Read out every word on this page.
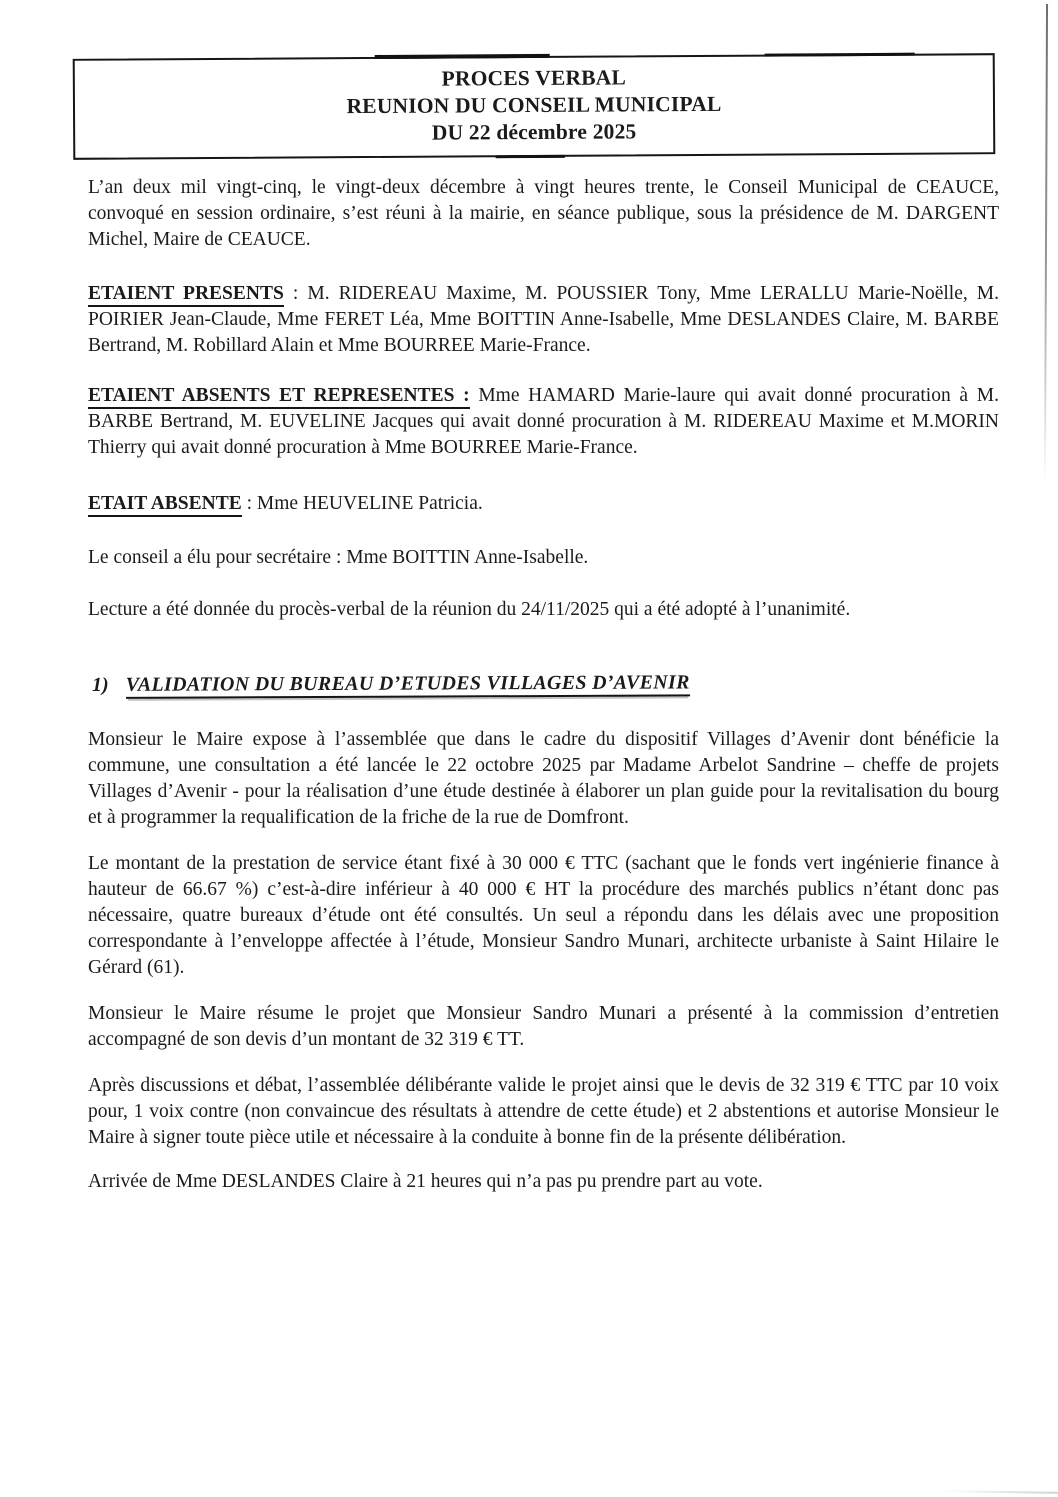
PROCES VERBAL
REUNION DU CONSEIL MUNICIPAL
DU 22 décembre 2025

L’an deux mil vingt-cinq, le vingt-deux décembre à vingt heures trente, le Conseil Municipal de CEAUCE, convoqué en session ordinaire, s’est réuni à la mairie, en séance publique, sous la présidence de M. DARGENT Michel, Maire de CEAUCE.

ETAIENT PRESENTS : M. RIDEREAU Maxime, M. POUSSIER Tony, Mme LERALLU Marie-Noëlle, M. POIRIER Jean-Claude, Mme FERET Léa, Mme BOITTIN Anne-Isabelle, Mme DESLANDES Claire, M. BARBE Bertrand, M. Robillard Alain et Mme BOURREE Marie-France.

ETAIENT ABSENTS ET REPRESENTES : Mme HAMARD Marie-laure qui avait donné procuration à M. BARBE Bertrand, M. EUVELINE Jacques qui avait donné procuration à M. RIDEREAU Maxime et M.MORIN Thierry qui avait donné procuration à Mme BOURREE Marie-France.

ETAIT ABSENTE : Mme HEUVELINE Patricia.

Le conseil a élu pour secrétaire : Mme BOITTIN Anne-Isabelle.

Lecture a été donnée du procès-verbal de la réunion du 24/11/2025 qui a été adopté à l’unanimité.

1) VALIDATION DU BUREAU D’ETUDES VILLAGES D’AVENIR

Monsieur le Maire expose à l’assemblée que dans le cadre du dispositif Villages d’Avenir dont bénéficie la commune, une consultation a été lancée le 22 octobre 2025 par Madame Arbelot Sandrine – cheffe de projets Villages d’Avenir - pour la réalisation d’une étude destinée à élaborer un plan guide pour la revitalisation du bourg et à programmer la requalification de la friche de la rue de Domfront.

Le montant de la prestation de service étant fixé à 30 000 € TTC (sachant que le fonds vert ingénierie finance à hauteur de 66.67 %) c’est-à-dire inférieur à 40 000 € HT la procédure des marchés publics n’étant donc pas nécessaire, quatre bureaux d’étude ont été consultés. Un seul a répondu dans les délais avec une proposition correspondante à l’enveloppe affectée à l’étude, Monsieur Sandro Munari, architecte urbaniste à Saint Hilaire le Gérard (61).

Monsieur le Maire résume le projet que Monsieur Sandro Munari a présenté à la commission d’entretien accompagné de son devis d’un montant de 32 319 € TT.

Après discussions et débat, l’assemblée délibérante valide le projet ainsi que le devis de 32 319 € TTC par 10 voix pour, 1 voix contre (non convaincue des résultats à attendre de cette étude) et 2 abstentions et autorise Monsieur le Maire à signer toute pièce utile et nécessaire à la conduite à bonne fin de la présente délibération.

Arrivée de Mme DESLANDES Claire à 21 heures qui n’a pas pu prendre part au vote.
